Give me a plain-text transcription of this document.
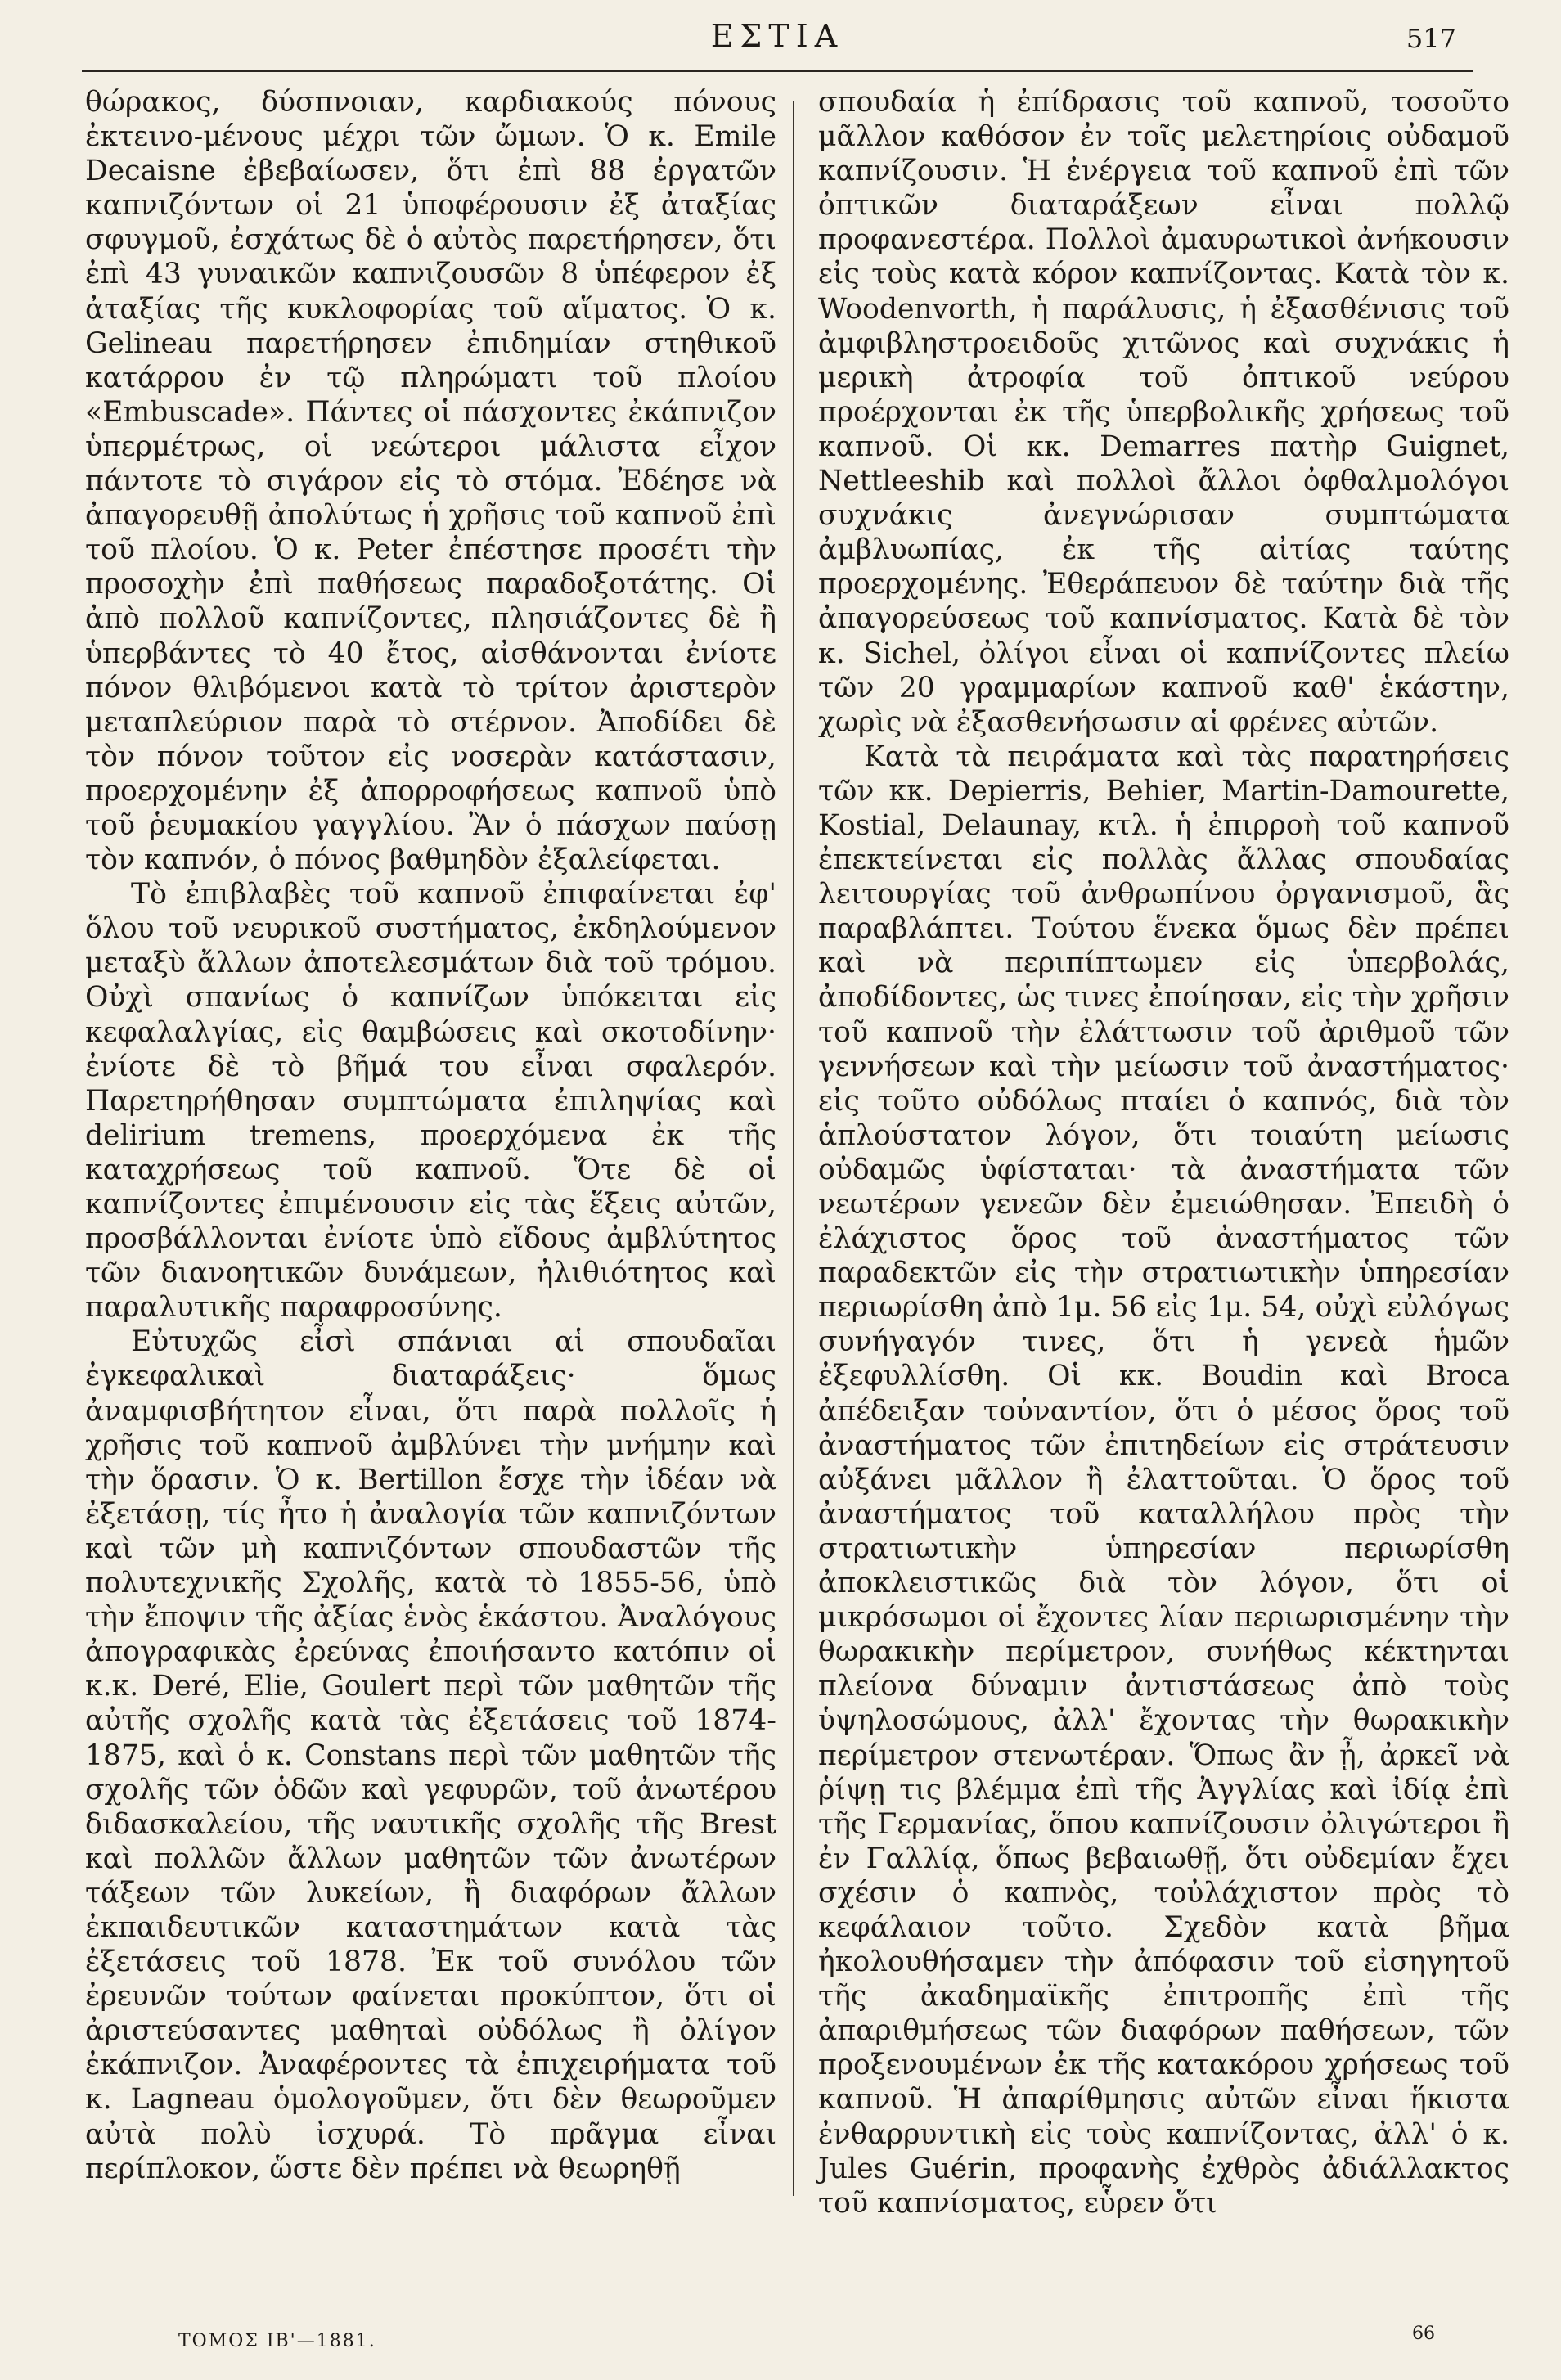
ΕΣΤΙΑ	517

θώρακος, δύσπνοιαν, καρδιακούς πόνους ἐκτεινο-μένους μέχρι τῶν ὤμων. Ὁ κ. Emile Decaisne ἐβεβαίωσεν, ὅτι ἐπὶ 88 ἐργατῶν καπνιζόντων οἱ 21 ὑποφέρουσιν ἐξ ἀταξίας σφυγμοῦ, ἐσχάτως δὲ ὁ αὐτὸς παρετήρησεν, ὅτι ἐπὶ 43 γυναικῶν καπνιζουσῶν 8 ὑπέφερον ἐξ ἀταξίας τῆς κυκλοφορίας τοῦ αἵματος. Ὁ κ. Gelineau παρετήρησεν ἐπιδημίαν στηθικοῦ κατάρρου ἐν τῷ πληρώματι τοῦ πλοίου «Embuscade». Πάντες οἱ πάσχοντες ἐκάπνιζον ὑπερμέτρως, οἱ νεώτεροι μάλιστα εἶχον πάντοτε τὸ σιγάρον εἰς τὸ στόμα. Ἐδέησε νὰ ἀπαγορευθῇ ἀπολύτως ἡ χρῆσις τοῦ καπνοῦ ἐπὶ τοῦ πλοίου. Ὁ κ. Peter ἐπέστησε προσέτι τὴν προσοχὴν ἐπὶ παθήσεως παραδοξοτάτης. Οἱ ἀπὸ πολλοῦ καπνίζοντες, πλησιάζοντες δὲ ἢ ὑπερβάντες τὸ 40 ἔτος, αἰσθάνονται ἐνίοτε πόνον θλιβόμενοι κατὰ τὸ τρίτον ἀριστερὸν μεταπλεύριον παρὰ τὸ στέρνον. Ἀποδίδει δὲ τὸν πόνον τοῦτον εἰς νοσερὰν κατάστασιν, προερχομένην ἐξ ἀπορροφήσεως καπνοῦ ὑπὸ τοῦ ῥευμακίου γαγγλίου. Ἂν ὁ πάσχων παύσῃ τὸν καπνόν, ὁ πόνος βαθμηδὸν ἐξαλείφεται.

Τὸ ἐπιβλαβὲς τοῦ καπνοῦ ἐπιφαίνεται ἐφ' ὅλου τοῦ νευρικοῦ συστήματος, ἐκδηλούμενον μεταξὺ ἄλλων ἀποτελεσμάτων διὰ τοῦ τρόμου. Οὐχὶ σπανίως ὁ καπνίζων ὑπόκειται εἰς κεφαλαλγίας, εἰς θαμβώσεις καὶ σκοτοδίνην· ἐνίοτε δὲ τὸ βῆμά του εἶναι σφαλερόν. Παρετηρήθησαν συμπτώματα ἐπιληψίας καὶ delirium tremens, προερχόμενα ἐκ τῆς καταχρήσεως τοῦ καπνοῦ. Ὅτε δὲ οἱ καπνίζοντες ἐπιμένουσιν εἰς τὰς ἕξεις αὐτῶν, προσβάλλονται ἐνίοτε ὑπὸ εἴδους ἀμβλύτητος τῶν διανοητικῶν δυνάμεων, ἠλιθιότητος καὶ παραλυτικῆς παραφροσύνης.

Εὐτυχῶς εἶσὶ σπάνιαι αἱ σπουδαῖαι ἐγκεφαλικαὶ διαταράξεις· ὅμως ἀναμφισβήτητον εἶναι, ὅτι παρὰ πολλοῖς ἡ χρῆσις τοῦ καπνοῦ ἀμβλύνει τὴν μνήμην καὶ τὴν ὅρασιν. Ὁ κ. Bertillon ἔσχε τὴν ἰδέαν νὰ ἐξετάσῃ, τίς ἦτο ἡ ἀναλογία τῶν καπνιζόντων καὶ τῶν μὴ καπνιζόντων σπουδαστῶν τῆς πολυτεχνικῆς Σχολῆς, κατὰ τὸ 1855-56, ὑπὸ τὴν ἔποψιν τῆς ἀξίας ἑνὸς ἑκάστου. Ἀναλόγους ἀπογραφικὰς ἐρεύνας ἐποιήσαντο κατόπιν οἱ κ.κ. Deré, Elie, Goulert περὶ τῶν μαθητῶν τῆς αὐτῆς σχολῆς κατὰ τὰς ἐξετάσεις τοῦ 1874-1875, καὶ ὁ κ. Constans περὶ τῶν μαθητῶν τῆς σχολῆς τῶν ὁδῶν καὶ γεφυρῶν, τοῦ ἀνωτέρου διδασκαλείου, τῆς ναυτικῆς σχολῆς τῆς Brest καὶ πολλῶν ἄλλων μαθητῶν τῶν ἀνωτέρων τάξεων τῶν λυκείων, ἢ διαφόρων ἄλλων ἐκπαιδευτικῶν καταστημάτων κατὰ τὰς ἐξετάσεις τοῦ 1878. Ἐκ τοῦ συνόλου τῶν ἐρευνῶν τούτων φαίνεται προκύπτον, ὅτι οἱ ἀριστεύσαντες μαθηταὶ οὐδόλως ἢ ὀλίγον ἐκάπνιζον. Ἀναφέροντες τὰ ἐπιχειρήματα τοῦ κ. Lagneau ὁμολογοῦμεν, ὅτι δὲν θεωροῦμεν αὐτὰ πολὺ ἰσχυρά. Τὸ πρᾶγμα εἶναι περίπλοκον, ὥστε δὲν πρέπει νὰ θεωρηθῇ

σπουδαία ἡ ἐπίδρασις τοῦ καπνοῦ, τοσοῦτο μᾶλλον καθόσον ἐν τοῖς μελετηρίοις οὐδαμοῦ καπνίζουσιν. Ἡ ἐνέργεια τοῦ καπνοῦ ἐπὶ τῶν ὀπτικῶν διαταράξεων εἶναι πολλῷ προφανεστέρα. Πολλοὶ ἀμαυρωτικοὶ ἀνήκουσιν εἰς τοὺς κατὰ κόρον καπνίζοντας. Κατὰ τὸν κ. Woodenvorth, ἡ παράλυσις, ἡ ἐξασθένισις τοῦ ἀμφιβληστροειδοῦς χιτῶνος καὶ συχνάκις ἡ μερικὴ ἀτροφία τοῦ ὀπτικοῦ νεύρου προέρχονται ἐκ τῆς ὑπερβολικῆς χρήσεως τοῦ καπνοῦ. Οἱ κκ. Demarres πατὴρ Guignet, Nettleeshib καὶ πολλοὶ ἄλλοι ὀφθαλμολόγοι συχνάκις ἀνεγνώρισαν συμπτώματα ἀμβλυωπίας, ἐκ τῆς αἰτίας ταύτης προερχομένης. Ἐθεράπευον δὲ ταύτην διὰ τῆς ἀπαγορεύσεως τοῦ καπνίσματος. Κατὰ δὲ τὸν κ. Sichel, ὀλίγοι εἶναι οἱ καπνίζοντες πλείω τῶν 20 γραμμαρίων καπνοῦ καθ' ἑκάστην, χωρὶς νὰ ἐξασθενήσωσιν αἱ φρένες αὐτῶν.

Κατὰ τὰ πειράματα καὶ τὰς παρατηρήσεις τῶν κκ. Depierris, Behier, Martin-Damourette, Kostial, Delaunay, κτλ. ἡ ἐπιρροὴ τοῦ καπνοῦ ἐπεκτείνεται εἰς πολλὰς ἄλλας σπουδαίας λειτουργίας τοῦ ἀνθρωπίνου ὀργανισμοῦ, ἃς παραβλάπτει. Τούτου ἕνεκα ὅμως δὲν πρέπει καὶ νὰ περιπίπτωμεν εἰς ὑπερβολάς, ἀποδίδοντες, ὡς τινες ἐποίησαν, εἰς τὴν χρῆσιν τοῦ καπνοῦ τὴν ἐλάττωσιν τοῦ ἀριθμοῦ τῶν γεννήσεων καὶ τὴν μείωσιν τοῦ ἀναστήματος· εἰς τοῦτο οὐδόλως πταίει ὁ καπνός, διὰ τὸν ἁπλούστατον λόγον, ὅτι τοιαύτη μείωσις οὐδαμῶς ὑφίσταται· τὰ ἀναστήματα τῶν νεωτέρων γενεῶν δὲν ἐμειώθησαν. Ἐπειδὴ ὁ ἐλάχιστος ὅρος τοῦ ἀναστήματος τῶν παραδεκτῶν εἰς τὴν στρατιωτικὴν ὑπηρεσίαν περιωρίσθη ἀπὸ 1μ. 56 εἰς 1μ. 54, οὐχὶ εὐλόγως συνήγαγόν τινες, ὅτι ἡ γενεὰ ἡμῶν ἐξεφυλλίσθη. Οἱ κκ. Boudin καὶ Broca ἀπέδειξαν τοὐναντίον, ὅτι ὁ μέσος ὅρος τοῦ ἀναστήματος τῶν ἐπιτηδείων εἰς στράτευσιν αὐξάνει μᾶλλον ἢ ἐλαττοῦται. Ὁ ὅρος τοῦ ἀναστήματος τοῦ καταλλήλου πρὸς τὴν στρατιωτικὴν ὑπηρεσίαν περιωρίσθη ἀποκλειστικῶς διὰ τὸν λόγον, ὅτι οἱ μικρόσωμοι οἱ ἔχοντες λίαν περιωρισμένην τὴν θωρακικὴν περίμετρον, συνήθως κέκτηνται πλείονα δύναμιν ἀντιστάσεως ἀπὸ τοὺς ὑψηλοσώμους, ἀλλ' ἔχοντας τὴν θωρακικὴν περίμετρον στενωτέραν. Ὅπως ἂν ᾖ, ἀρκεῖ νὰ ῥίψῃ τις βλέμμα ἐπὶ τῆς Ἀγγλίας καὶ ἰδίᾳ ἐπὶ τῆς Γερμανίας, ὅπου καπνίζουσιν ὀλιγώτεροι ἢ ἐν Γαλλίᾳ, ὅπως βεβαιωθῇ, ὅτι οὐδεμίαν ἔχει σχέσιν ὁ καπνὸς, τοὐλάχιστον πρὸς τὸ κεφάλαιον τοῦτο. Σχεδὸν κατὰ βῆμα ἠκολουθήσαμεν τὴν ἀπόφασιν τοῦ εἰσηγητοῦ τῆς ἀκαδημαϊκῆς ἐπιτροπῆς ἐπὶ τῆς ἀπαριθμήσεως τῶν διαφόρων παθήσεων, τῶν προξενουμένων ἐκ τῆς κατακόρου χρήσεως τοῦ καπνοῦ. Ἡ ἀπαρίθμησις αὐτῶν εἶναι ἥκιστα ἐνθαρρυντικὴ εἰς τοὺς καπνίζοντας, ἀλλ' ὁ κ. Jules Guérin, προφανὴς ἐχθρὸς ἀδιάλλακτος τοῦ καπνίσματος, εὗρεν ὅτι

ΤΟΜΟΣ ΙΒ'—1881.	66
